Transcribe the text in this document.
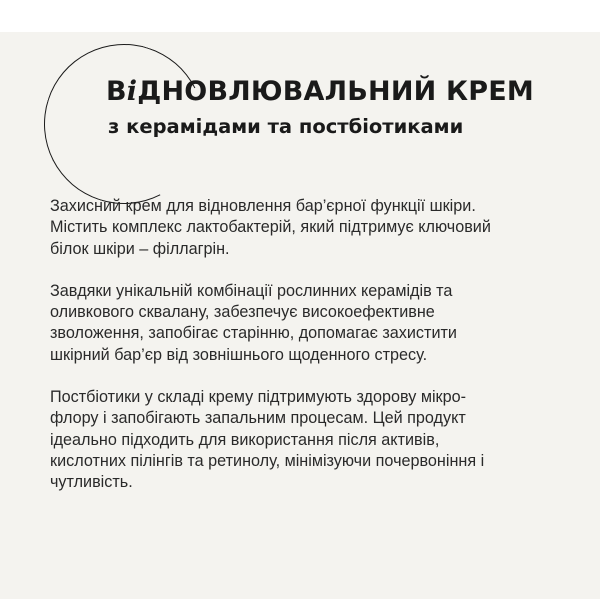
ВіДНОВЛЮВАЛЬНИЙ КРЕМ
з керамідами та постбіотиками

Захисний крем для відновлення бар’єрної функції шкіри.
Містить комплекс лактобактерій, який підтримує ключовий
білок шкіри – філлагрін.

Завдяки унікальній комбінації рослинних керамідів та
оливкового сквалану, забезпечує високоефективне
зволоження, запобігає старінню, допомагає захистити
шкірний бар’єр від зовнішнього щоденного стресу.

Постбіотики у складі крему підтримують здорову мікро-
флору і запобігають запальним процесам. Цей продукт
ідеально підходить для використання після активів,
кислотних пілінгів та ретинолу, мінімізуючи почервоніння і
чутливість.
